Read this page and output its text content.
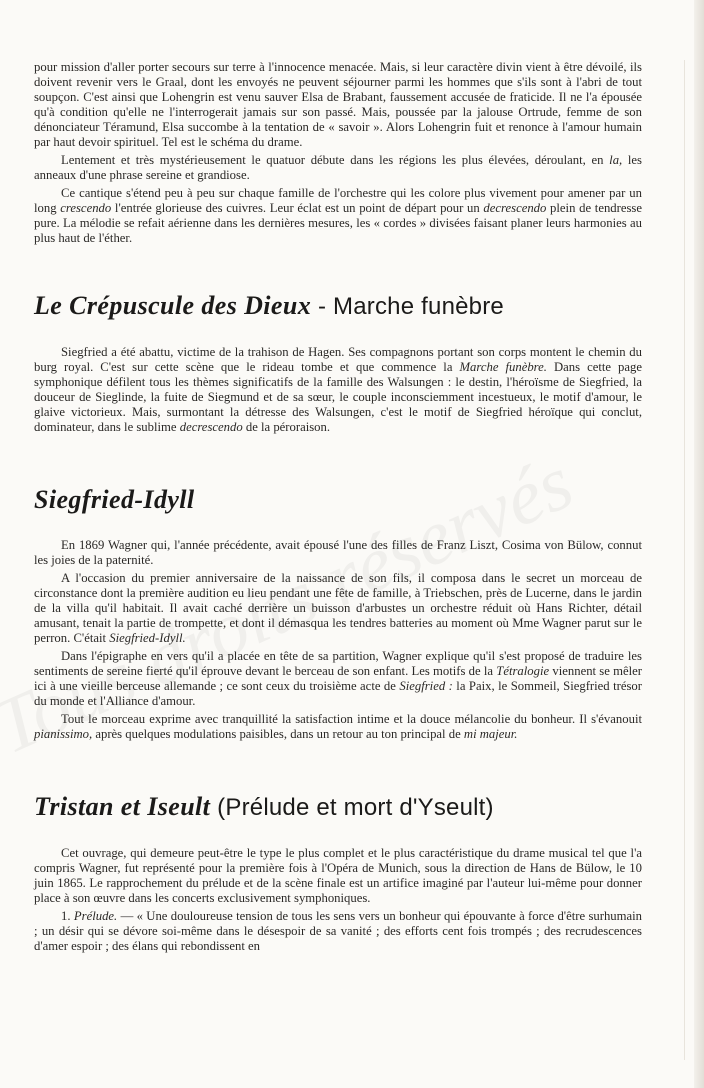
pour mission d'aller porter secours sur terre à l'innocence menacée. Mais, si leur caractère divin vient à être dévoilé, ils doivent revenir vers le Graal, dont les envoyés ne peuvent séjourner parmi les hommes que s'ils sont à l'abri de tout soupçon. C'est ainsi que Lohengrin est venu sauver Elsa de Brabant, faussement accusée de fraticide. Il ne l'a épousée qu'à condition qu'elle ne l'interrogerait jamais sur son passé. Mais, poussée par la jalouse Ortrude, femme de son dénonciateur Téramund, Elsa succombe à la tentation de « savoir ». Alors Lohengrin fuit et renonce à l'amour humain par haut devoir spirituel. Tel est le schéma du drame.

Lentement et très mystérieusement le quatuor débute dans les régions les plus élevées, déroulant, en la, les anneaux d'une phrase sereine et grandiose.

Ce cantique s'étend peu à peu sur chaque famille de l'orchestre qui les colore plus vivement pour amener par un long crescendo l'entrée glorieuse des cuivres. Leur éclat est un point de départ pour un decrescendo plein de tendresse pure. La mélodie se refait aérienne dans les dernières mesures, les « cordes » divisées faisant planer leurs harmonies au plus haut de l'éther.

Le Crépuscule des Dieux - Marche funèbre

Siegfried a été abattu, victime de la trahison de Hagen. Ses compagnons portant son corps montent le chemin du burg royal. C'est sur cette scène que le rideau tombe et que commence la Marche funèbre. Dans cette page symphonique défilent tous les thèmes significatifs de la famille des Walsungen : le destin, l'héroïsme de Siegfried, la douceur de Sieglinde, la fuite de Siegmund et de sa sœur, le couple inconsciemment incestueux, le motif d'amour, le glaive victorieux. Mais, surmontant la détresse des Walsungen, c'est le motif de Siegfried héroïque qui conclut, dominateur, dans le sublime decrescendo de la péroraison.

Siegfried-Idyll

En 1869 Wagner qui, l'année précédente, avait épousé l'une des filles de Franz Liszt, Cosima von Bülow, connut les joies de la paternité.

A l'occasion du premier anniversaire de la naissance de son fils, il composa dans le secret un morceau de circonstance dont la première audition eu lieu pendant une fête de famille, à Triebschen, près de Lucerne, dans le jardin de la villa qu'il habitait. Il avait caché derrière un buisson d'arbustes un orchestre réduit où Hans Richter, détail amusant, tenait la partie de trompette, et dont il démasqua les tendres batteries au moment où Mme Wagner parut sur le perron. C'était Siegfried-Idyll.

Dans l'épigraphe en vers qu'il a placée en tête de sa partition, Wagner explique qu'il s'est proposé de traduire les sentiments de sereine fierté qu'il éprouve devant le berceau de son enfant. Les motifs de la Tétralogie viennent se mêler ici à une vieille berceuse allemande ; ce sont ceux du troisième acte de Siegfried : la Paix, le Sommeil, Siegfried trésor du monde et l'Alliance d'amour.

Tout le morceau exprime avec tranquillité la satisfaction intime et la douce mélancolie du bonheur. Il s'évanouit pianissimo, après quelques modulations paisibles, dans un retour au ton principal de mi majeur.

Tristan et Iseult (Prélude et mort d'Yseult)

Cet ouvrage, qui demeure peut-être le type le plus complet et le plus caractéristique du drame musical tel que l'a compris Wagner, fut représenté pour la première fois à l'Opéra de Munich, sous la direction de Hans de Bülow, le 10 juin 1865. Le rapprochement du prélude et de la scène finale est un artifice imaginé par l'auteur lui-même pour donner place à son œuvre dans les concerts exclusivement symphoniques.

1. Prélude. — « Une douloureuse tension de tous les sens vers un bonheur qui épouvante à force d'être surhumain ; un désir qui se dévore soi-même dans le désespoir de sa vanité ; des efforts cent fois trompés ; des recrudescences d'amer espoir ; des élans qui rebondissent en
